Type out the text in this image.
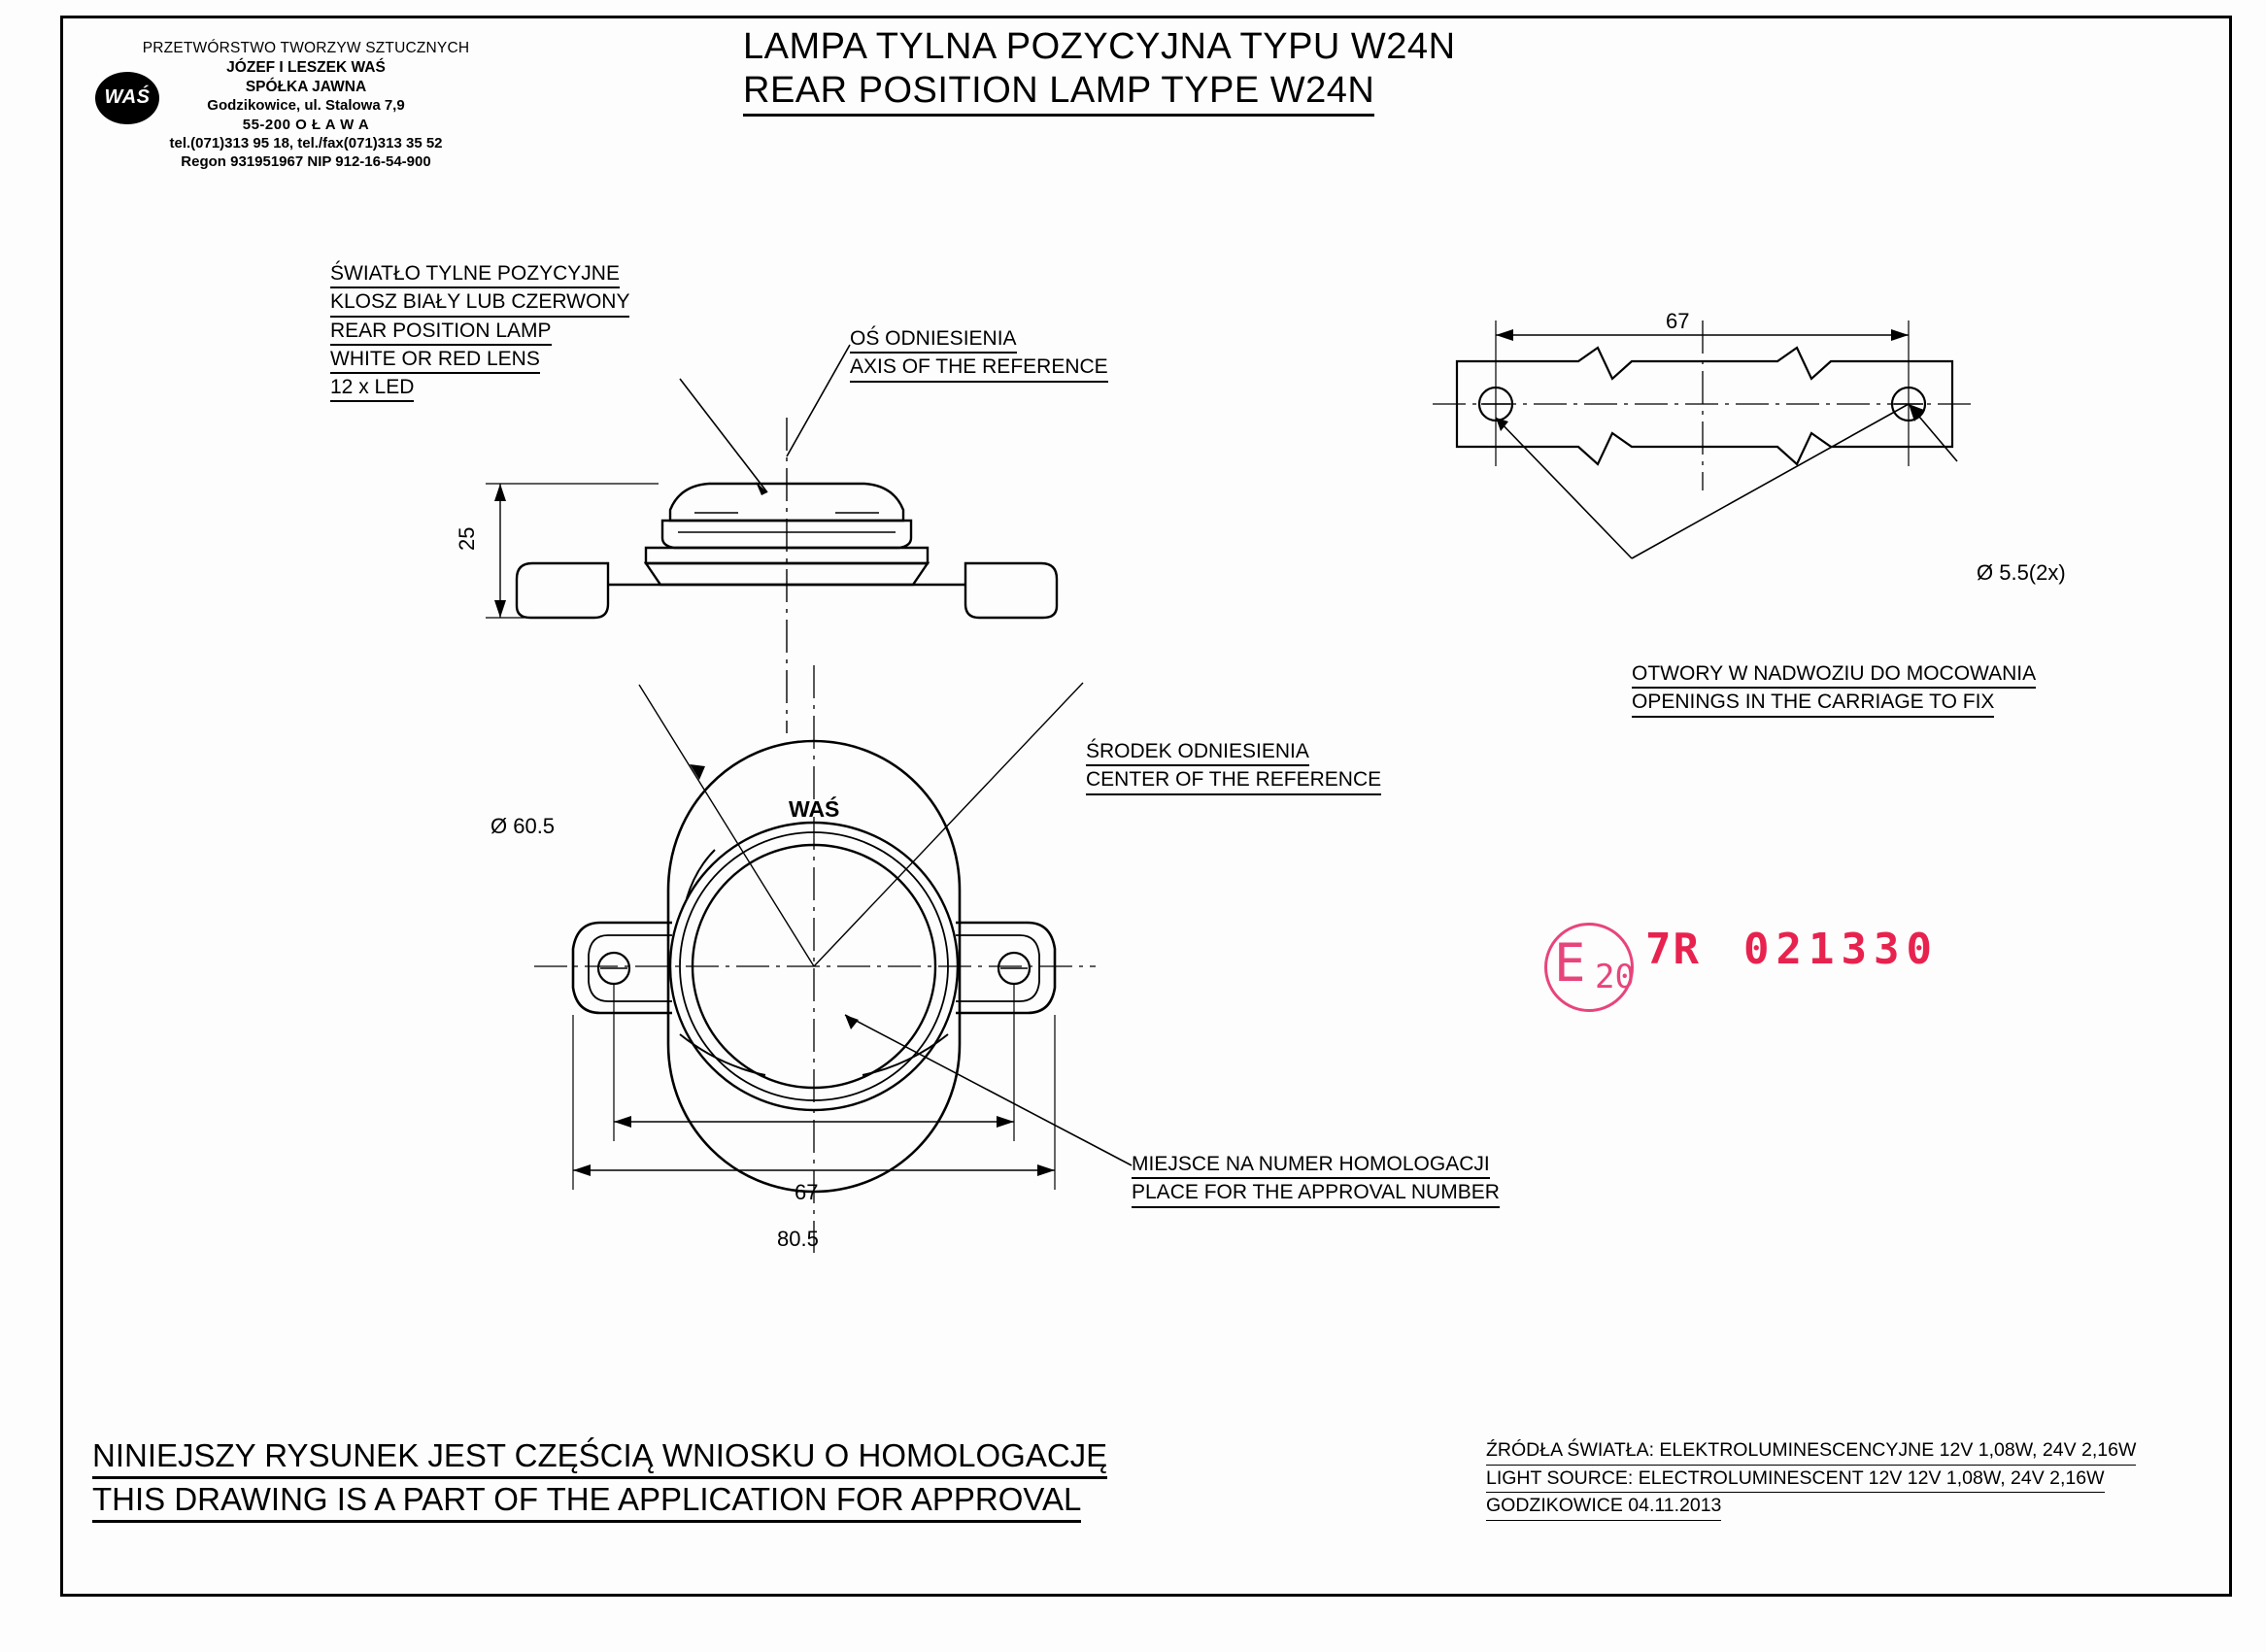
PRZETWÓRSTWO TWORZYW SZTUCZNYCH
JÓZEF I LESZEK WAŚ
SPÓŁKA JAWNA
Godzikowice, ul. Stalowa 7,9
55-200 O Ł A W A
tel.(071)313 95 18, tel./fax(071)313 35 52
Regon 931951967 NIP 912-16-54-900
WAŚ
LAMPA TYLNA POZYCYJNA TYPU W24N
REAR POSITION LAMP TYPE W24N
ŚWIATŁO TYLNE POZYCYJNE
KLOSZ BIAŁY LUB CZERWONY
REAR POSITION LAMP
WHITE OR RED LENS
12 x LED
OŚ ODNIESIENIA
AXIS OF THE REFERENCE
ŚRODEK ODNIESIENIA
CENTER OF THE REFERENCE
MIEJSCE NA NUMER HOMOLOGACJI
PLACE FOR THE APPROVAL NUMBER
OTWORY W NADWOZIU DO MOCOWANIA
OPENINGS IN THE CARRIAGE TO FIX
25
67
Ø 5.5(2x)
WAŚ
Ø 60.5
67
80.5
E 20
7R 021330
NINIEJSZY RYSUNEK JEST CZĘŚCIĄ WNIOSKU O HOMOLOGACJĘ
THIS DRAWING IS A PART OF THE APPLICATION FOR APPROVAL
ŹRÓDŁA ŚWIATŁA: ELEKTROLUMINESCENCYJNE 12V 1,08W, 24V 2,16W
LIGHT SOURCE: ELECTROLUMINESCENT 12V 12V 1,08W, 24V 2,16W
GODZIKOWICE 04.11.2013
